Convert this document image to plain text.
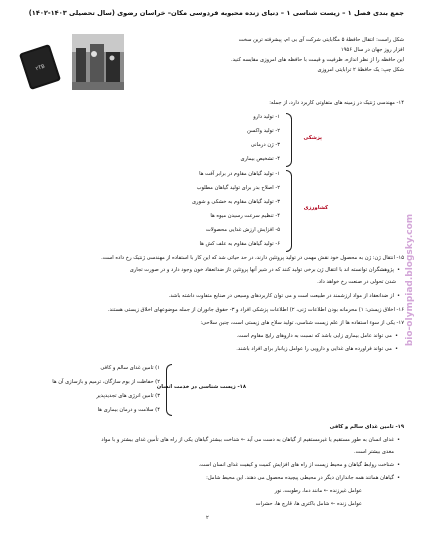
جمع بندی فصل ۱ – زیست شناسی ۱ – دنیای زنده محبوبه فردوسی مکان– خراسان رضوی (سال تحصیلی ۱۴۰۳-۱۴۰۲)
شکل راست: انتقال حافظهٔ ۵ مگابایتی شرکت آی بی ام، پیشرفته ترین سخت
افزار روز جهان در سال ۱۹۵۶
این حافظه را از نظر اندازه، ظرفیت و قیمت با حافظه های امروزی مقایسه کنید.
شکل چپ: یک حافظهٔ ۲ ترابایتی امروزی
۲TB
۱۴- مهندسی ژنتیک در زمینه های متفاوتی کاربرد دارد، از جمله:
۱- تولید دارو
۲- تولید واکسن
۳- ژن درمانی
۴- تشخیص بیماری
پزشکی
۱- تولید گیاهان مقاوم در برابر آفت ها
۲- اصلاح بذر برای تولید گیاهان مطلوب
۳- تولید گیاهان مقاوم به خشکی و شوری
۴- تنظیم سرعت رسیدن میوه ها
۵- افزایش ارزش غذایی محصولات
۶- تولید گیاهان مقاوم به علف کش ها
کشاورزی
۱۵- انتقال ژن: ژن به محصول خود نقش مهمی در تولید پروتئین دارند، در حد حیاتی شد که این کار با استفاده از مهندسی ژنتیک رخ داده است.
• پژوهشگران توانسته اند با انتقال ژن برخی تولید کنند که در شیر آنها پروتئین تاز ضدانعقاد خون وجود دارد و در صورت تجاری
شدن تحولی در صنعت رخ خواهد داد.
• از ضدانعقاد از مواد ارزشمند در طبیعت است و می توان کاربردهای وسیعی در صنایع متفاوت داشته باشد.
۱۶- اخلاق زیستی: ۱) محرمانه بودن اطلاعات ژنی، ۲) اطلاعات پزشکی افراد و ۳- حقوق جانوران از جمله موضوعهای اخلاق زیستی هستند.
۱۷- یکی از سوء استفاده ها از علم زیست شناسی، تولید سلاح های زیستی است، چنین سلاحی:
• می تواند عامل بیماری زایی باشد که نسبت به داروهای رایج مقاوم است.
• می تواند فراورده های غذایی و دارویی را عوامل زیانبار برای افراد باشند.
۱) تامین غذای سالم و کافی
۲) حفاظت از بوم سازگان، ترمیم و بازسازی آن ها
۳) تامین انرژی های تجدیدپذیر
۴) سلامت و درمان بیماری ها
۱۸- زیست شناسی در خدمت انسان
۱۹- تامین غذای سالم و کافی
• غذای انسان به طور مستقیم یا غیرمستقیم از گیاهان به دست می آید ← شناخت بیشتر گیاهان یکی از راه های تأمین غذای بیشتر و با مواد
مغذی بیشتر است.
• شناخت روابط گیاهان و محیط زیست از راه های افزایش کمیت و کیفیت غذای انسان است.
• گیاهان همانند همه جانداران دیگر در محیطی پیچیده محصول می دهند. این محیط شامل:
عوامل غیرزنده ← مانند دما، رطوبت، نور
عوامل زنده ← شامل باکتری ها، قارچ ها، حشرات
۲
bio-olympiad.blogsky.com
